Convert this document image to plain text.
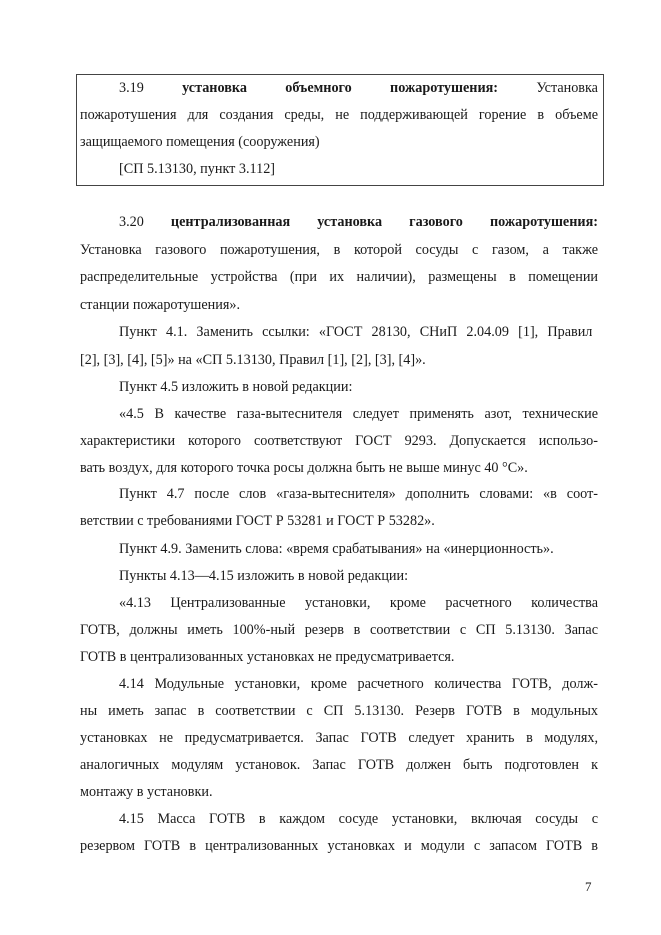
3.19	установка	объемного	пожаротушения:	Установка
пожаротушения для создания среды, не поддерживающей горение в объеме
защищаемого помещения (сооружения)
[СП 5.13130, пункт 3.112]
3.20 централизованная установка газового пожаротушения:
Установка газового пожаротушения, в которой сосуды с газом, а также
распределительные устройства (при их наличии), размещены в помещении
станции пожаротушения».
Пункт 4.1. Заменить ссылки: «ГОСТ 28130, СНиП 2.04.09 [1], Правил
[2], [3], [4], [5]» на «СП 5.13130, Правил [1], [2], [3], [4]».
Пункт 4.5 изложить в новой редакции:
«4.5 В качестве газа-вытеснителя следует применять азот, технические
характеристики которого соответствуют ГОСТ 9293. Допускается использо-
вать воздух, для которого точка росы должна быть не выше минус 40 °С».
Пункт 4.7 после слов «газа-вытеснителя» дополнить словами: «в соот-
ветствии с требованиями ГОСТ Р 53281 и ГОСТ Р 53282».
Пункт 4.9. Заменить слова: «время срабатывания» на «инерционность».
Пункты 4.13—4.15 изложить в новой редакции:
«4.13 Централизованные установки, кроме расчетного количества
ГОТВ, должны иметь 100%-ный резерв в соответствии с СП 5.13130. Запас
ГОТВ в централизованных установках не предусматривается.
4.14 Модульные установки, кроме расчетного количества ГОТВ, долж-
ны иметь запас в соответствии с СП 5.13130. Резерв ГОТВ в модульных
установках не предусматривается. Запас ГОТВ следует хранить в модулях,
аналогичных модулям установок. Запас ГОТВ должен быть подготовлен к
монтажу в установки.
4.15 Масса ГОТВ в каждом сосуде установки, включая сосуды с
резервом ГОТВ в централизованных установках и модули с запасом ГОТВ в
7
